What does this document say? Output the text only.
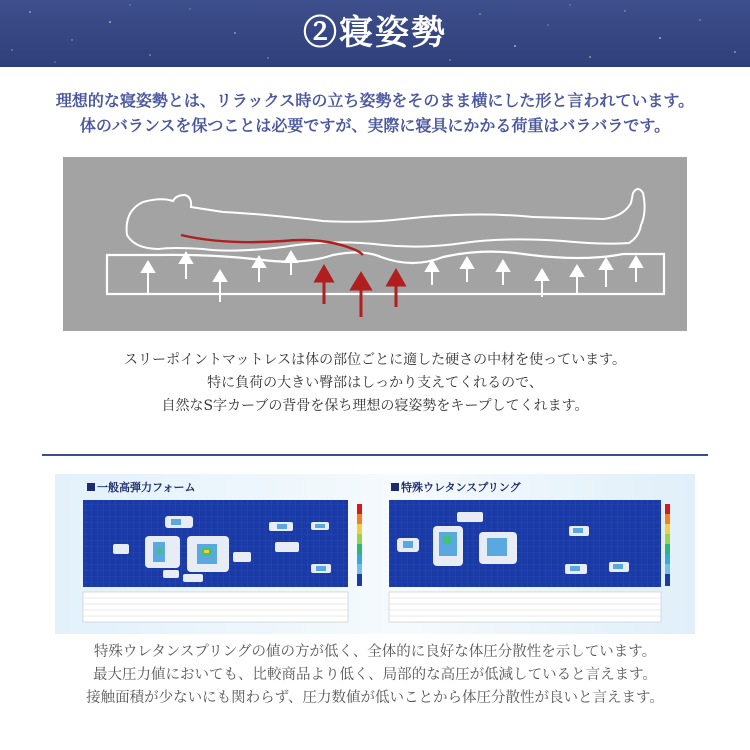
②寝姿勢
理想的な寝姿勢とは、リラックス時の立ち姿勢をそのまま横にした形と言われています。
体のバランスを保つことは必要ですが、実際に寝具にかかる荷重はバラバラです。
スリーポイントマットレスは体の部位ごとに適した硬さの中材を使っています。
特に負荷の大きい臀部はしっかり支えてくれるので、
自然なS字カーブの背骨を保ち理想の寝姿勢をキープしてくれます。
一般高弾力フォーム	特殊ウレタンスプリング
特殊ウレタンスプリングの値の方が低く、全体的に良好な体圧分散性を示しています。
最大圧力値においても、比較商品より低く、局部的な高圧が低減していると言えます。
接触面積が少ないにも関わらず、圧力数値が低いことから体圧分散性が良いと言えます。
